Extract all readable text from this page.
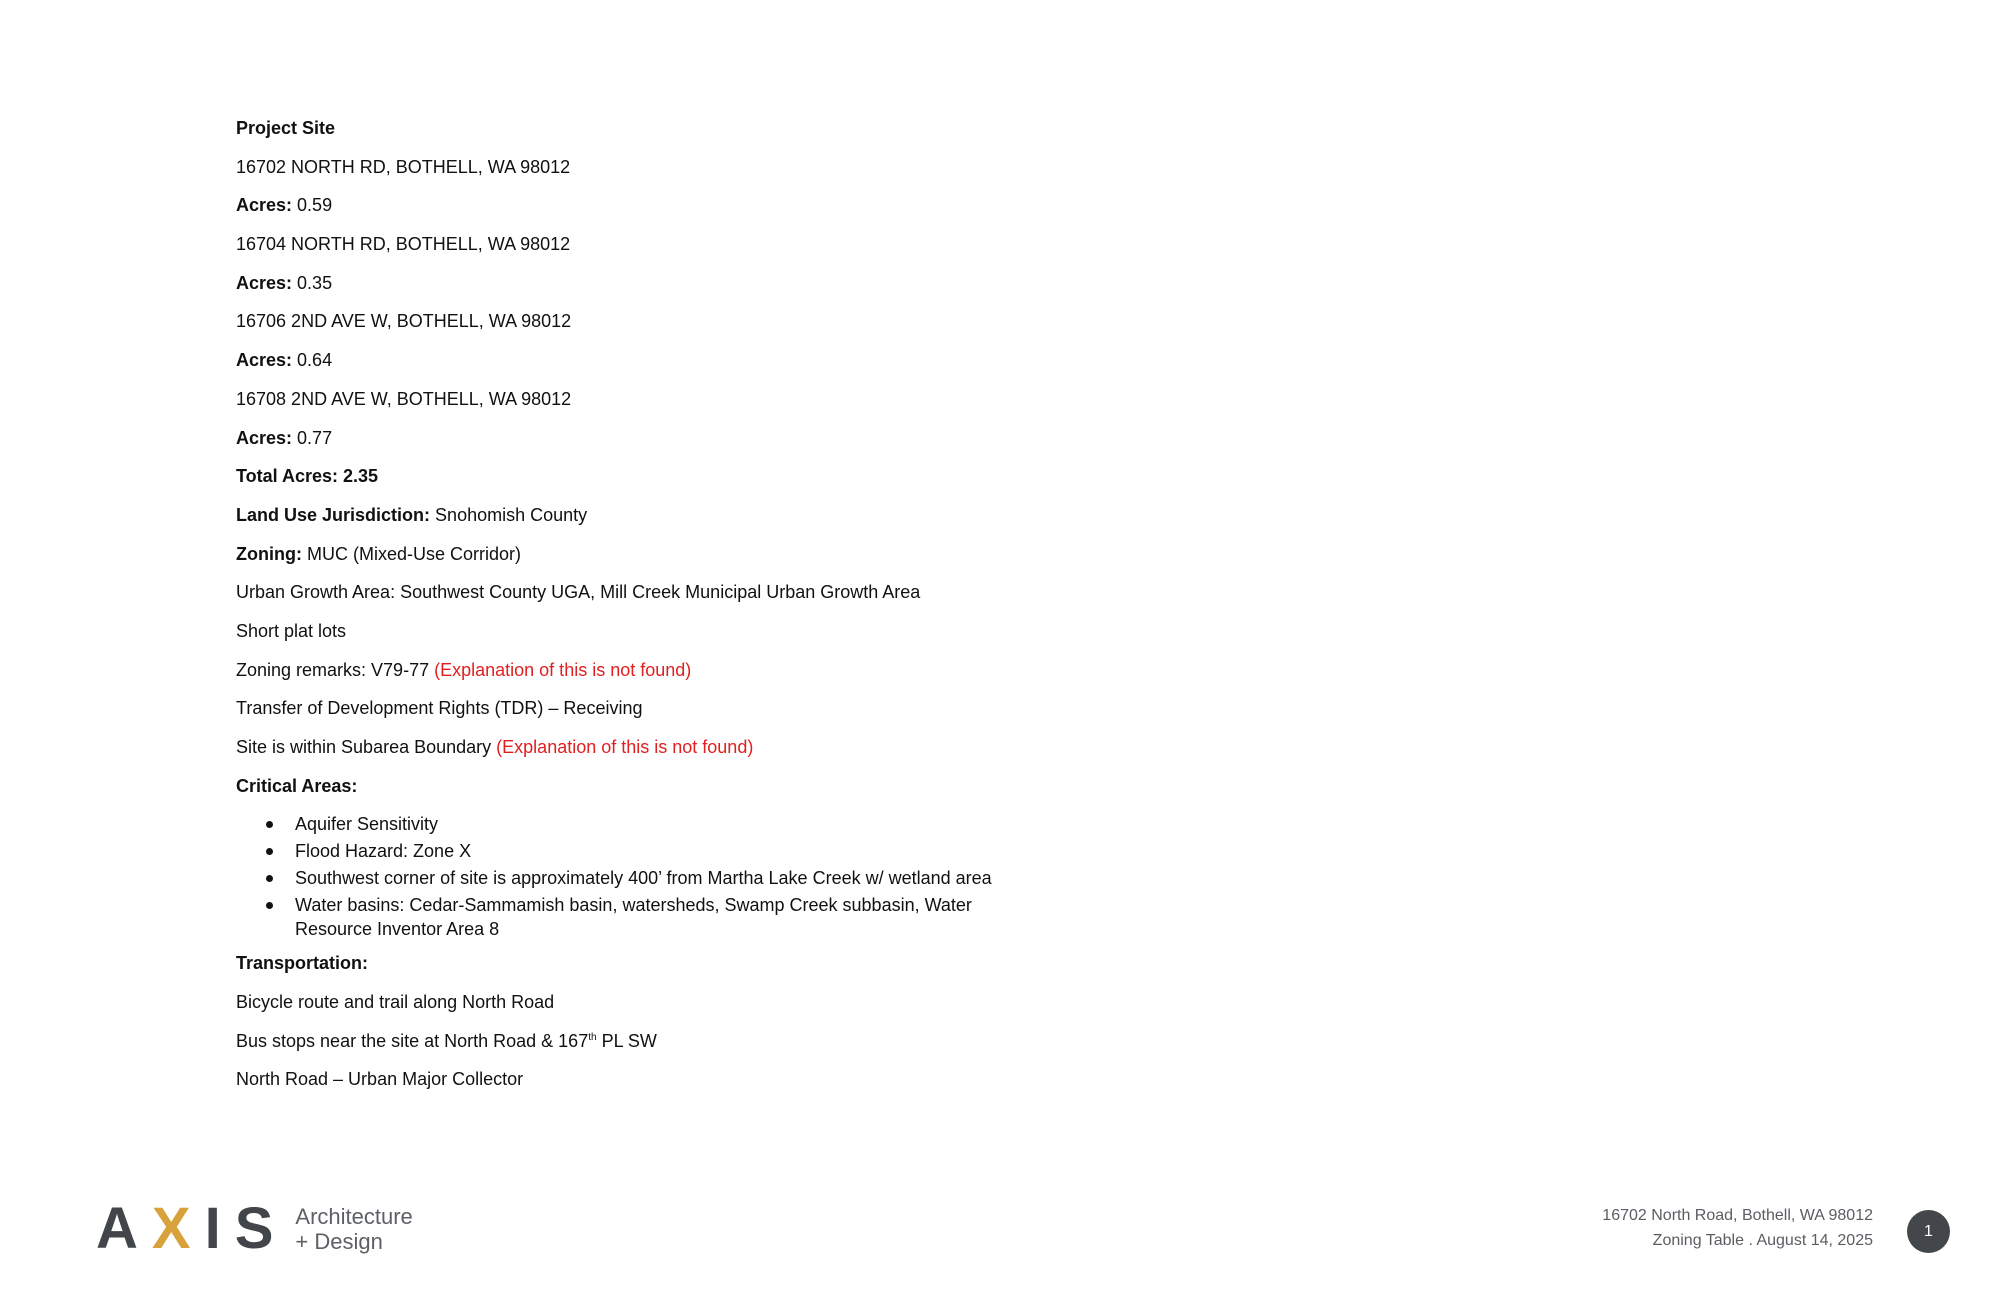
Project Site
16702 NORTH RD, BOTHELL, WA 98012
Acres: 0.59
16704 NORTH RD, BOTHELL, WA 98012
Acres: 0.35
16706 2ND AVE W, BOTHELL, WA 98012
Acres: 0.64
16708 2ND AVE W, BOTHELL, WA 98012
Acres: 0.77
Total Acres: 2.35
Land Use Jurisdiction: Snohomish County
Zoning: MUC (Mixed-Use Corridor)
Urban Growth Area: Southwest County UGA, Mill Creek Municipal Urban Growth Area
Short plat lots
Zoning remarks: V79-77 (Explanation of this is not found)
Transfer of Development Rights (TDR) – Receiving
Site is within Subarea Boundary (Explanation of this is not found)
Critical Areas:
Aquifer Sensitivity
Flood Hazard: Zone X
Southwest corner of site is approximately 400’ from Martha Lake Creek w/ wetland area
Water basins: Cedar-Sammamish basin, watersheds, Swamp Creek subbasin, Water Resource Inventor Area 8
Transportation:
Bicycle route and trail along North Road
Bus stops near the site at North Road & 167th PL SW
North Road – Urban Major Collector
AXIS Architecture
+ Design
16702 North Road, Bothell, WA 98012
Zoning Table . August 14, 2025
1
